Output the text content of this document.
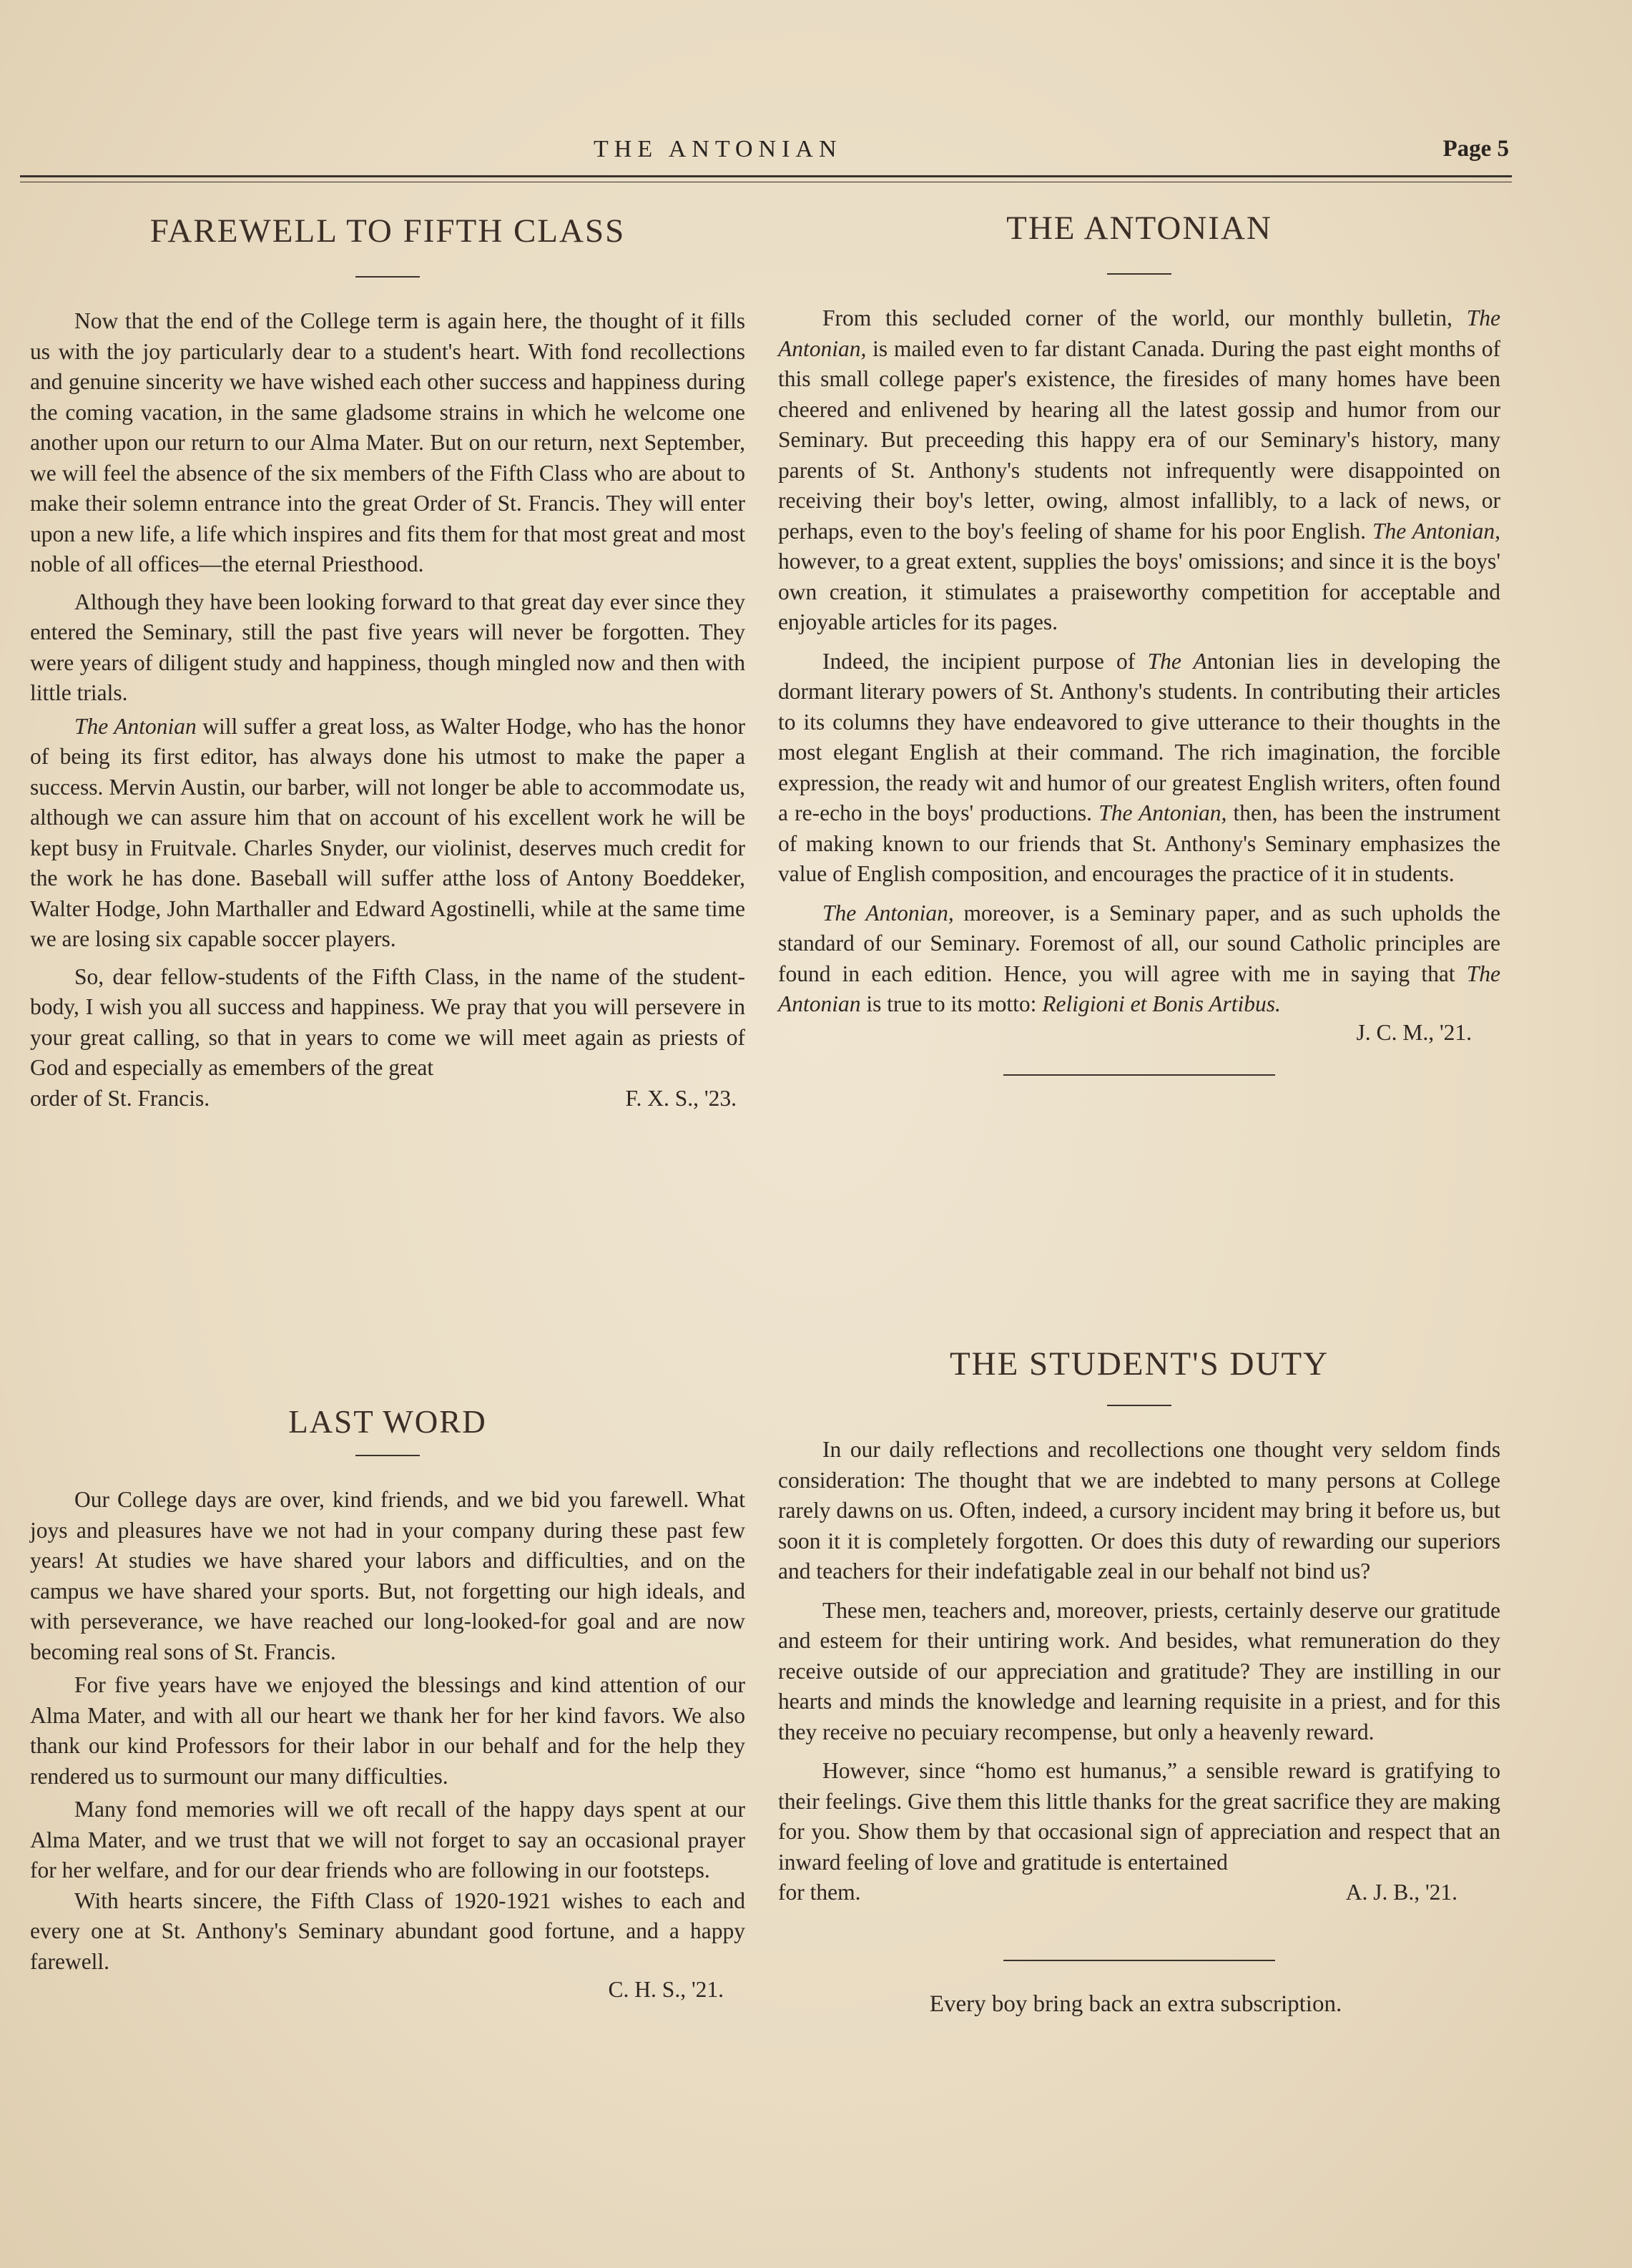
THE ANTONIAN	Page 5
FAREWELL TO FIFTH CLASS

Now that the end of the College term is again here, the thought of it fills us with the joy particularly dear to a student's heart. With fond recollections and genuine sincerity we have wished each other success and happiness during the coming vacation, in the same gladsome strains in which he welcome one another upon our return to our Alma Mater. But on our return, next September, we will feel the absence of the six members of the Fifth Class who are about to make their solemn entrance into the great Order of St. Francis. They will enter upon a new life, a life which inspires and fits them for that most great and most noble of all offices—the eternal Priesthood.

Although they have been looking forward to that great day ever since they entered the Seminary, still the past five years will never be forgotten. They were years of diligent study and happiness, though mingled now and then with little trials.

The Antonian will suffer a great loss, as Walter Hodge, who has the honor of being its first editor, has always done his utmost to make the paper a success. Mervin Austin, our barber, will not longer be able to accommodate us, although we can assure him that on account of his excellent work he will be kept busy in Fruitvale. Charles Snyder, our violinist, deserves much credit for the work he has done. Baseball will suffer atthe loss of Antony Boeddeker, Walter Hodge, John Marthaller and Edward Agostinelli, while at the same time we are losing six capable soccer players.

So, dear fellow-students of the Fifth Class, in the name of the student-body, I wish you all success and happiness. We pray that you will persevere in your great calling, so that in years to come we will meet again as priests of God and especially as emembers of the great

order of St. Francis.	F. X. S., '23.
LAST WORD

Our College days are over, kind friends, and we bid you farewell. What joys and pleasures have we not had in your company during these past few years! At studies we have shared your labors and difficulties, and on the campus we have shared your sports. But, not forgetting our high ideals, and with perseverance, we have reached our long-looked-for goal and are now becoming real sons of St. Francis.

For five years have we enjoyed the blessings and kind attention of our Alma Mater, and with all our heart we thank her for her kind favors. We also thank our kind Professors for their labor in our behalf and for the help they rendered us to surmount our many difficulties.

Many fond memories will we oft recall of the happy days spent at our Alma Mater, and we trust that we will not forget to say an occasional prayer for her welfare, and for our dear friends who are following in our footsteps.

With hearts sincere, the Fifth Class of 1920-1921 wishes to each and every one at St. Anthony's Seminary abundant good fortune, and a happy farewell.

C. H. S., '21.
THE ANTONIAN

From this secluded corner of the world, our monthly bulletin, The Antonian, is mailed even to far distant Canada. During the past eight months of this small college paper's existence, the firesides of many homes have been cheered and enlivened by hearing all the latest gossip and humor from our Seminary. But preceeding this happy era of our Seminary's history, many parents of St. Anthony's students not infrequently were disappointed on receiving their boy's letter, owing, almost infallibly, to a lack of news, or perhaps, even to the boy's feeling of shame for his poor English. The Antonian, however, to a great extent, supplies the boys' omissions; and since it is the boys' own creation, it stimulates a praiseworthy competition for acceptable and enjoyable articles for its pages.

Indeed, the incipient purpose of The Antonian lies in developing the dormant literary powers of St. Anthony's students. In contributing their articles to its columns they have endeavored to give utterance to their thoughts in the most elegant English at their command. The rich imagination, the forcible expression, the ready wit and humor of our greatest English writers, often found a re-echo in the boys' productions. The Antonian, then, has been the instrument of making known to our friends that St. Anthony's Seminary emphasizes the value of English composition, and encourages the practice of it in students.

The Antonian, moreover, is a Seminary paper, and as such upholds the standard of our Seminary. Foremost of all, our sound Catholic principles are found in each edition. Hence, you will agree with me in saying that The Antonian is true to its motto: Religioni et Bonis Artibus.

J. C. M., '21.
THE STUDENT'S DUTY

In our daily reflections and recollections one thought very seldom finds consideration: The thought that we are indebted to many persons at College rarely dawns on us. Often, indeed, a cursory incident may bring it before us, but soon it it is completely forgotten. Or does this duty of rewarding our superiors and teachers for their indefatigable zeal in our behalf not bind us?

These men, teachers and, moreover, priests, certainly deserve our gratitude and esteem for their untiring work. And besides, what remuneration do they receive outside of our appreciation and gratitude? They are instilling in our hearts and minds the knowledge and learning requisite in a priest, and for this they receive no pecuiary recompense, but only a heavenly reward.

However, since “homo est humanus,” a sensible reward is gratifying to their feelings. Give them this little thanks for the great sacrifice they are making for you. Show them by that occasional sign of appreciation and respect that an inward feeling of love and gratitude is entertained

for them.	A. J. B., '21.
Every boy bring back an extra subscription.
